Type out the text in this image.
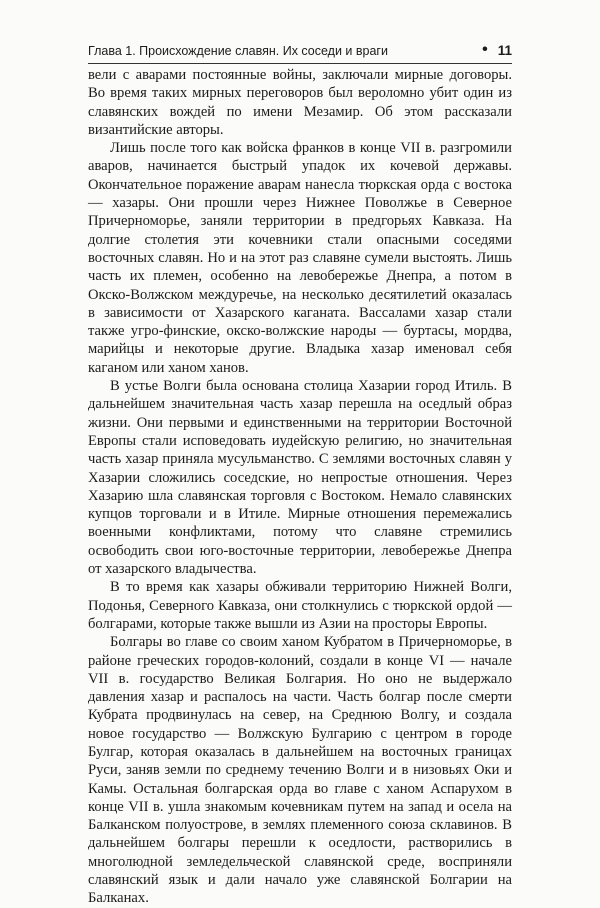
Глава 1. Происхождение славян. Их соседи и враги	• 11

вели с аварами постоянные войны, заключали мирные договоры. Во время таких мирных переговоров был вероломно убит один из славянских вождей по имени Мезамир. Об этом рассказали византийские авторы.

Лишь после того как войска франков в конце VII в. разгромили аваров, начинается быстрый упадок их кочевой державы. Окончательное поражение аварам нанесла тюркская орда с востока — хазары. Они прошли через Нижнее Поволжье в Северное Причерноморье, заняли территории в предгорьях Кавказа. На долгие столетия эти кочевники стали опасными соседями восточных славян. Но и на этот раз славяне сумели выстоять. Лишь часть их племен, особенно на левобережье Днепра, а потом в Окско-Волжском междуречье, на несколько десятилетий оказалась в зависимости от Хазарского каганата. Вассалами хазар стали также угро-финские, окско-волжские народы — буртасы, мордва, марийцы и некоторые другие. Владыка хазар именовал себя каганом или ханом ханов.

В устье Волги была основана столица Хазарии город Итиль. В дальнейшем значительная часть хазар перешла на оседлый образ жизни. Они первыми и единственными на территории Восточной Европы стали исповедовать иудейскую религию, но значительная часть хазар приняла мусульманство. С землями восточных славян у Хазарии сложились соседские, но непростые отношения. Через Хазарию шла славянская торговля с Востоком. Немало славянских купцов торговали и в Итиле. Мирные отношения перемежались военными конфликтами, потому что славяне стремились освободить свои юго-восточные территории, левобережье Днепра от хазарского владычества.

В то время как хазары обживали территорию Нижней Волги, Подонья, Северного Кавказа, они столкнулись с тюркской ордой — болгарами, которые также вышли из Азии на просторы Европы.

Болгары во главе со своим ханом Кубратом в Причерноморье, в районе греческих городов-колоний, создали в конце VI — начале VII в. государство Великая Болгария. Но оно не выдержало давления хазар и распалось на части. Часть болгар после смерти Кубрата продвинулась на север, на Среднюю Волгу, и создала новое государство — Волжскую Булгарию с центром в городе Булгар, которая оказалась в дальнейшем на восточных границах Руси, заняв земли по среднему течению Волги и в низовьях Оки и Камы. Остальная болгарская орда во главе с ханом Аспарухом в конце VII в. ушла знакомым кочевникам путем на запад и осела на Балканском полуострове, в землях племенного союза склавинов. В дальнейшем болгары перешли к оседлости, растворились в многолюдной земледельческой славянской среде, восприняли славянский язык и дали начало уже славянской Болгарии на Балканах.
